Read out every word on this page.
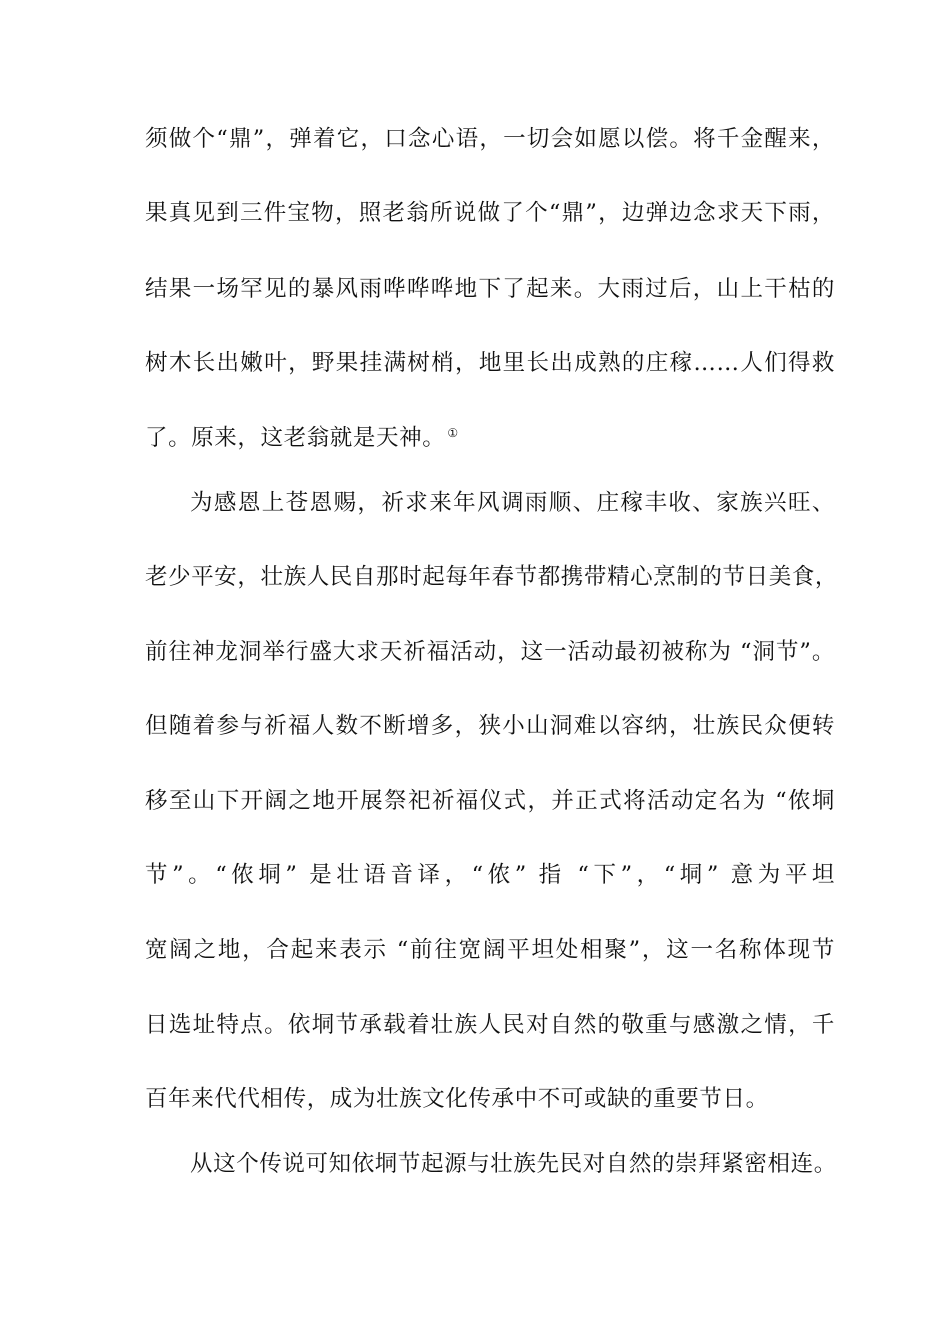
须做个“鼎”，弹着它，口念心语，一切会如愿以偿。将千金醒来，
果真见到三件宝物，照老翁所说做了个“鼎”，边弹边念求天下雨，
结果一场罕见的暴风雨哗哗哗地下了起来。大雨过后，山上干枯的
树木长出嫩叶，野果挂满树梢，地里长出成熟的庄稼……人们得救
了。原来，这老翁就是天神。 ①
为感恩上苍恩赐，祈求来年风调雨顺、庄稼丰收、家族兴旺、
老少平安，壮族人民自那时起每年春节都携带精心烹制的节日美食，
前往神龙洞举行盛大求天祈福活动，这一活动最初被称为 “洞节”。
但随着参与祈福人数不断增多，狭小山洞难以容纳，壮族民众便转
移至山下开阔之地开展祭祀祈福仪式，并正式将活动定名为 “侬垌
节”。“侬垌” 是壮语音译，“侬” 指 “下”，“垌” 意为平坦
宽阔之地，合起来表示 “前往宽阔平坦处相聚”，这一名称体现节
日选址特点。依垌节承载着壮族人民对自然的敬重与感激之情，千
百年来代代相传，成为壮族文化传承中不可或缺的重要节日。
从这个传说可知依垌节起源与壮族先民对自然的崇拜紧密相连。
